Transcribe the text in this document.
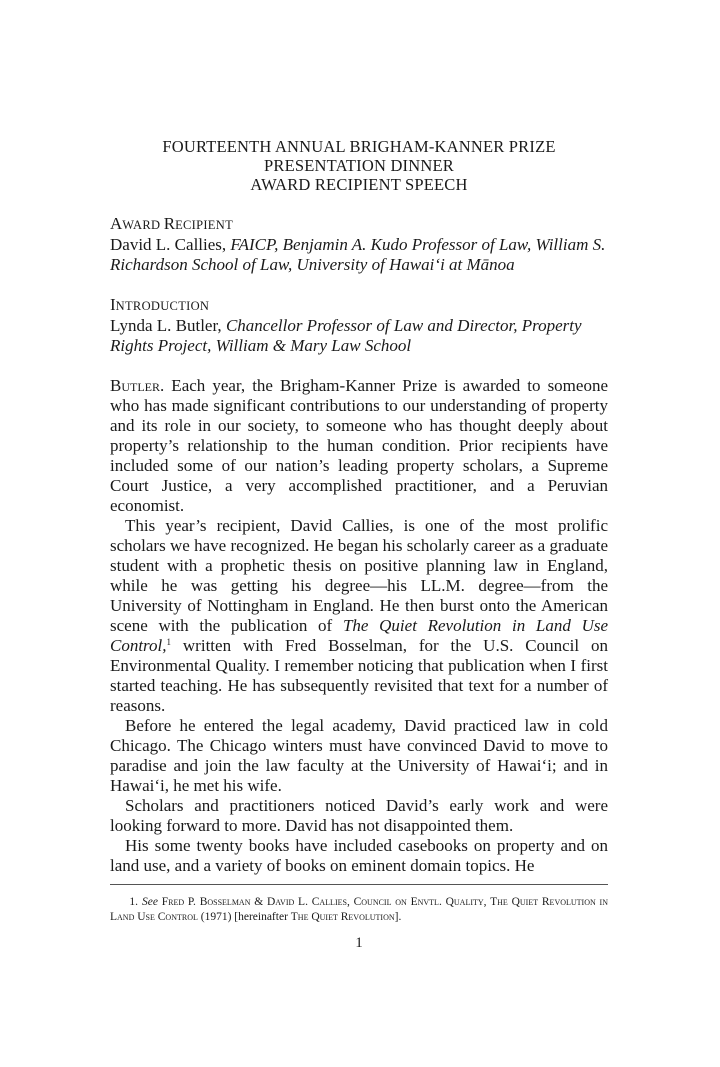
FOURTEENTH ANNUAL BRIGHAM-KANNER PRIZE
PRESENTATION DINNER
AWARD RECIPIENT SPEECH
AWARD RECIPIENT
David L. Callies, FAICP, Benjamin A. Kudo Professor of Law, William S. Richardson School of Law, University of Hawai‘i at Mānoa
INTRODUCTION
Lynda L. Butler, Chancellor Professor of Law and Director, Property Rights Project, William & Mary Law School

Butler. Each year, the Brigham-Kanner Prize is awarded to someone who has made significant contributions to our understanding of property and its role in our society, to someone who has thought deeply about property’s relationship to the human condition. Prior recipients have included some of our nation’s leading property scholars, a Supreme Court Justice, a very accomplished practitioner, and a Peruvian economist.

This year’s recipient, David Callies, is one of the most prolific scholars we have recognized. He began his scholarly career as a graduate student with a prophetic thesis on positive planning law in England, while he was getting his degree—his LL.M. degree—from the University of Nottingham in England. He then burst onto the American scene with the publication of The Quiet Revolution in Land Use Control,$^1$ written with Fred Bosselman, for the U.S. Council on Environmental Quality. I remember noticing that publication when I first started teaching. He has subsequently revisited that text for a number of reasons.

Before he entered the legal academy, David practiced law in cold Chicago. The Chicago winters must have convinced David to move to paradise and join the law faculty at the University of Hawai‘i; and in Hawai‘i, he met his wife.

Scholars and practitioners noticed David’s early work and were looking forward to more. David has not disappointed them.

His some twenty books have included casebooks on property and on land use, and a variety of books on eminent domain topics. He

1. See Fred P. Bosselman & David L. Callies, Council on Envtl. Quality, The Quiet Revolution in Land Use Control (1971) [hereinafter The Quiet Revolution].
1
